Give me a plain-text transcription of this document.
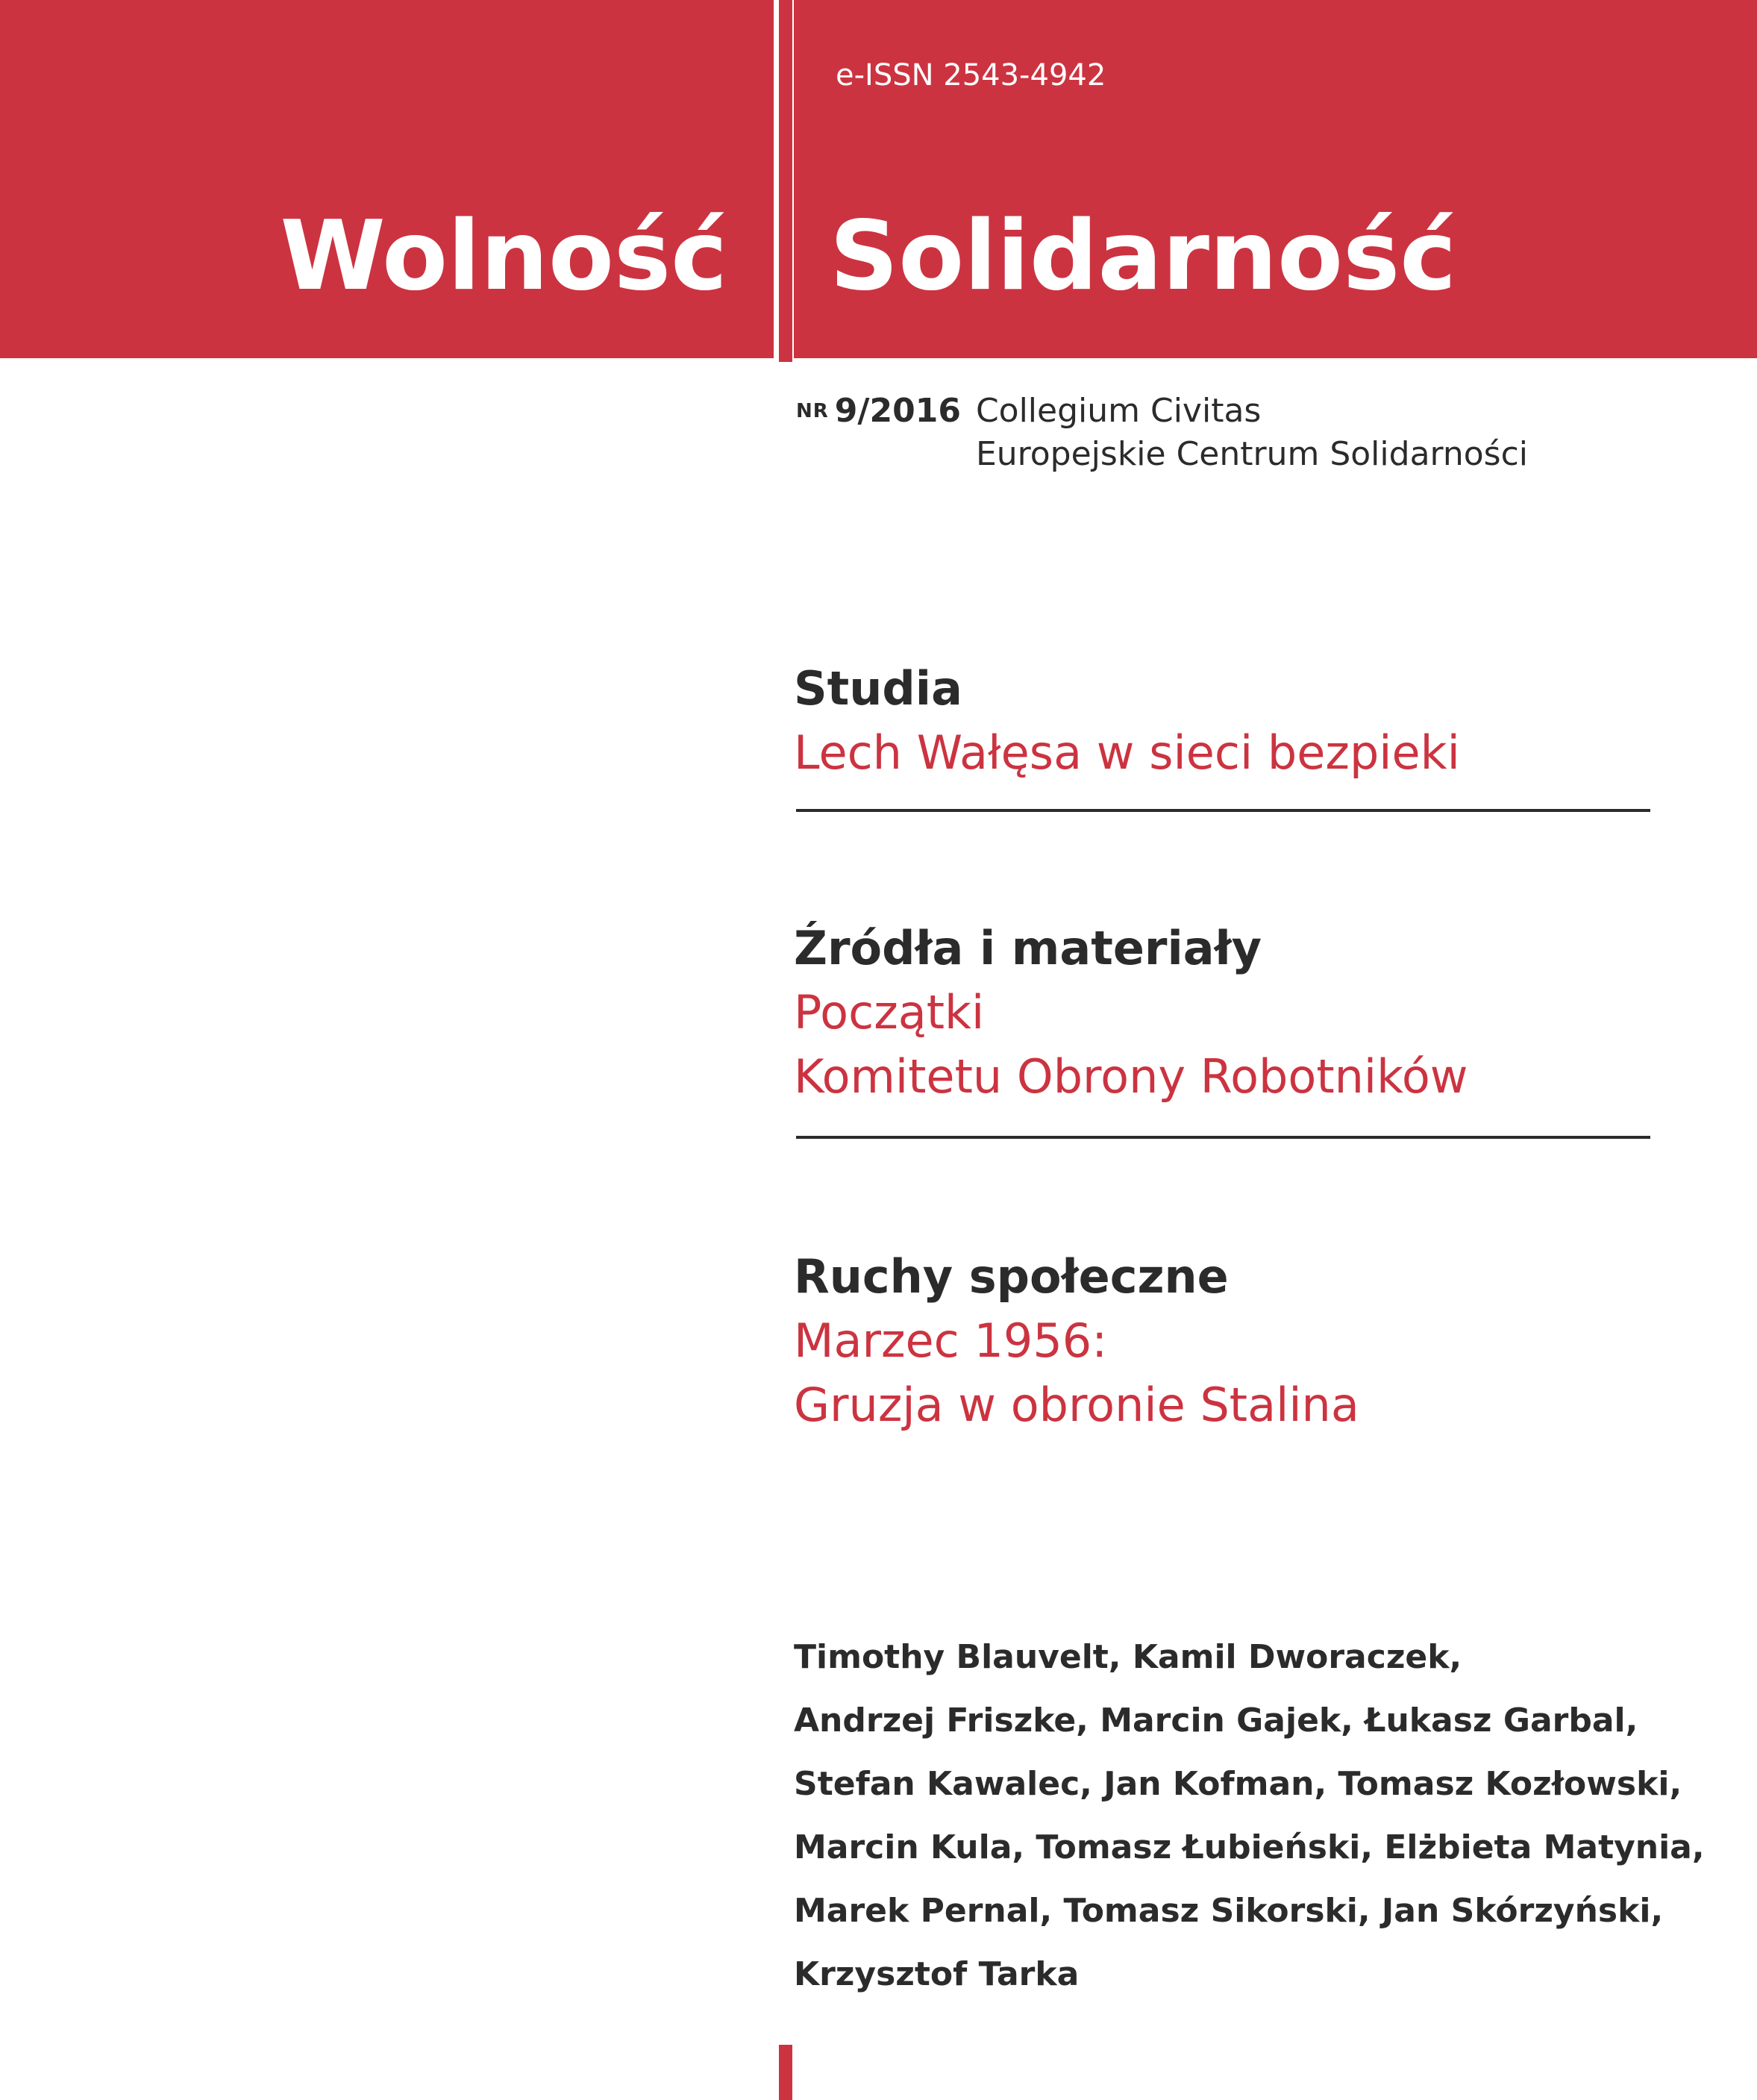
e-ISSN 2543-4942
Wolność Solidarność
NR 9/2016 Collegium Civitas
Europejskie Centrum Solidarności
Studia
Lech Wałęsa w sieci bezpieki
Źródła i materiały
Początki
Komitetu Obrony Robotników
Ruchy społeczne
Marzec 1956:
Gruzja w obronie Stalina
Timothy Blauvelt, Kamil Dworaczek,
Andrzej Friszke, Marcin Gajek, Łukasz Garbal,
Stefan Kawalec, Jan Kofman, Tomasz Kozłowski,
Marcin Kula, Tomasz Łubieński, Elżbieta Matynia,
Marek Pernal, Tomasz Sikorski, Jan Skórzyński,
Krzysztof Tarka
